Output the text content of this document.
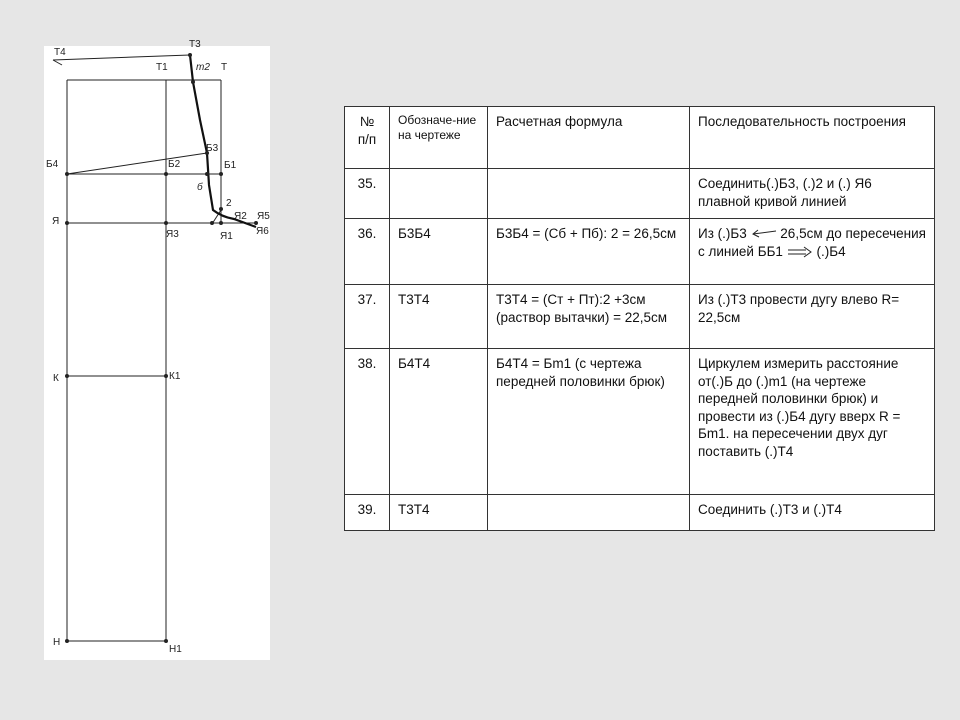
Т4
Т3
Т1	m2 Т
Б4	Б2
Б3
Б1
б
2
Я
Я3	Я1
Я2 Я5
Я6
К	К1
Н
Н1
№ п/п	Обозначе-ние на чертеже	Расчетная формула	Последовательность построения
35.			Соединить(.)Б3, (.)2 и (.) Я6 плавной кривой линией
36.	Б3Б4	Б3Б4 = (Сб + Пб): 2 = 26,5см	Из (.)Б3 26,5см до пересечения с линией ББ1 (.)Б4
37.	Т3Т4	Т3Т4 = (Ст + Пт):2 +3см (раствор вытачки) = 22,5см	Из (.)Т3 провести дугу влево R= 22,5см
38.	Б4Т4	Б4Т4 = Бm1 (с чертежа передней половинки брюк)	Циркулем измерить расстояние от(.)Б до (.)m1 (на чертеже передней половинки брюк) и провести из (.)Б4 дугу вверх R = Бm1. на пересечении двух дуг поставить (.)Т4
39.	Т3Т4		Соединить (.)Т3 и (.)Т4
